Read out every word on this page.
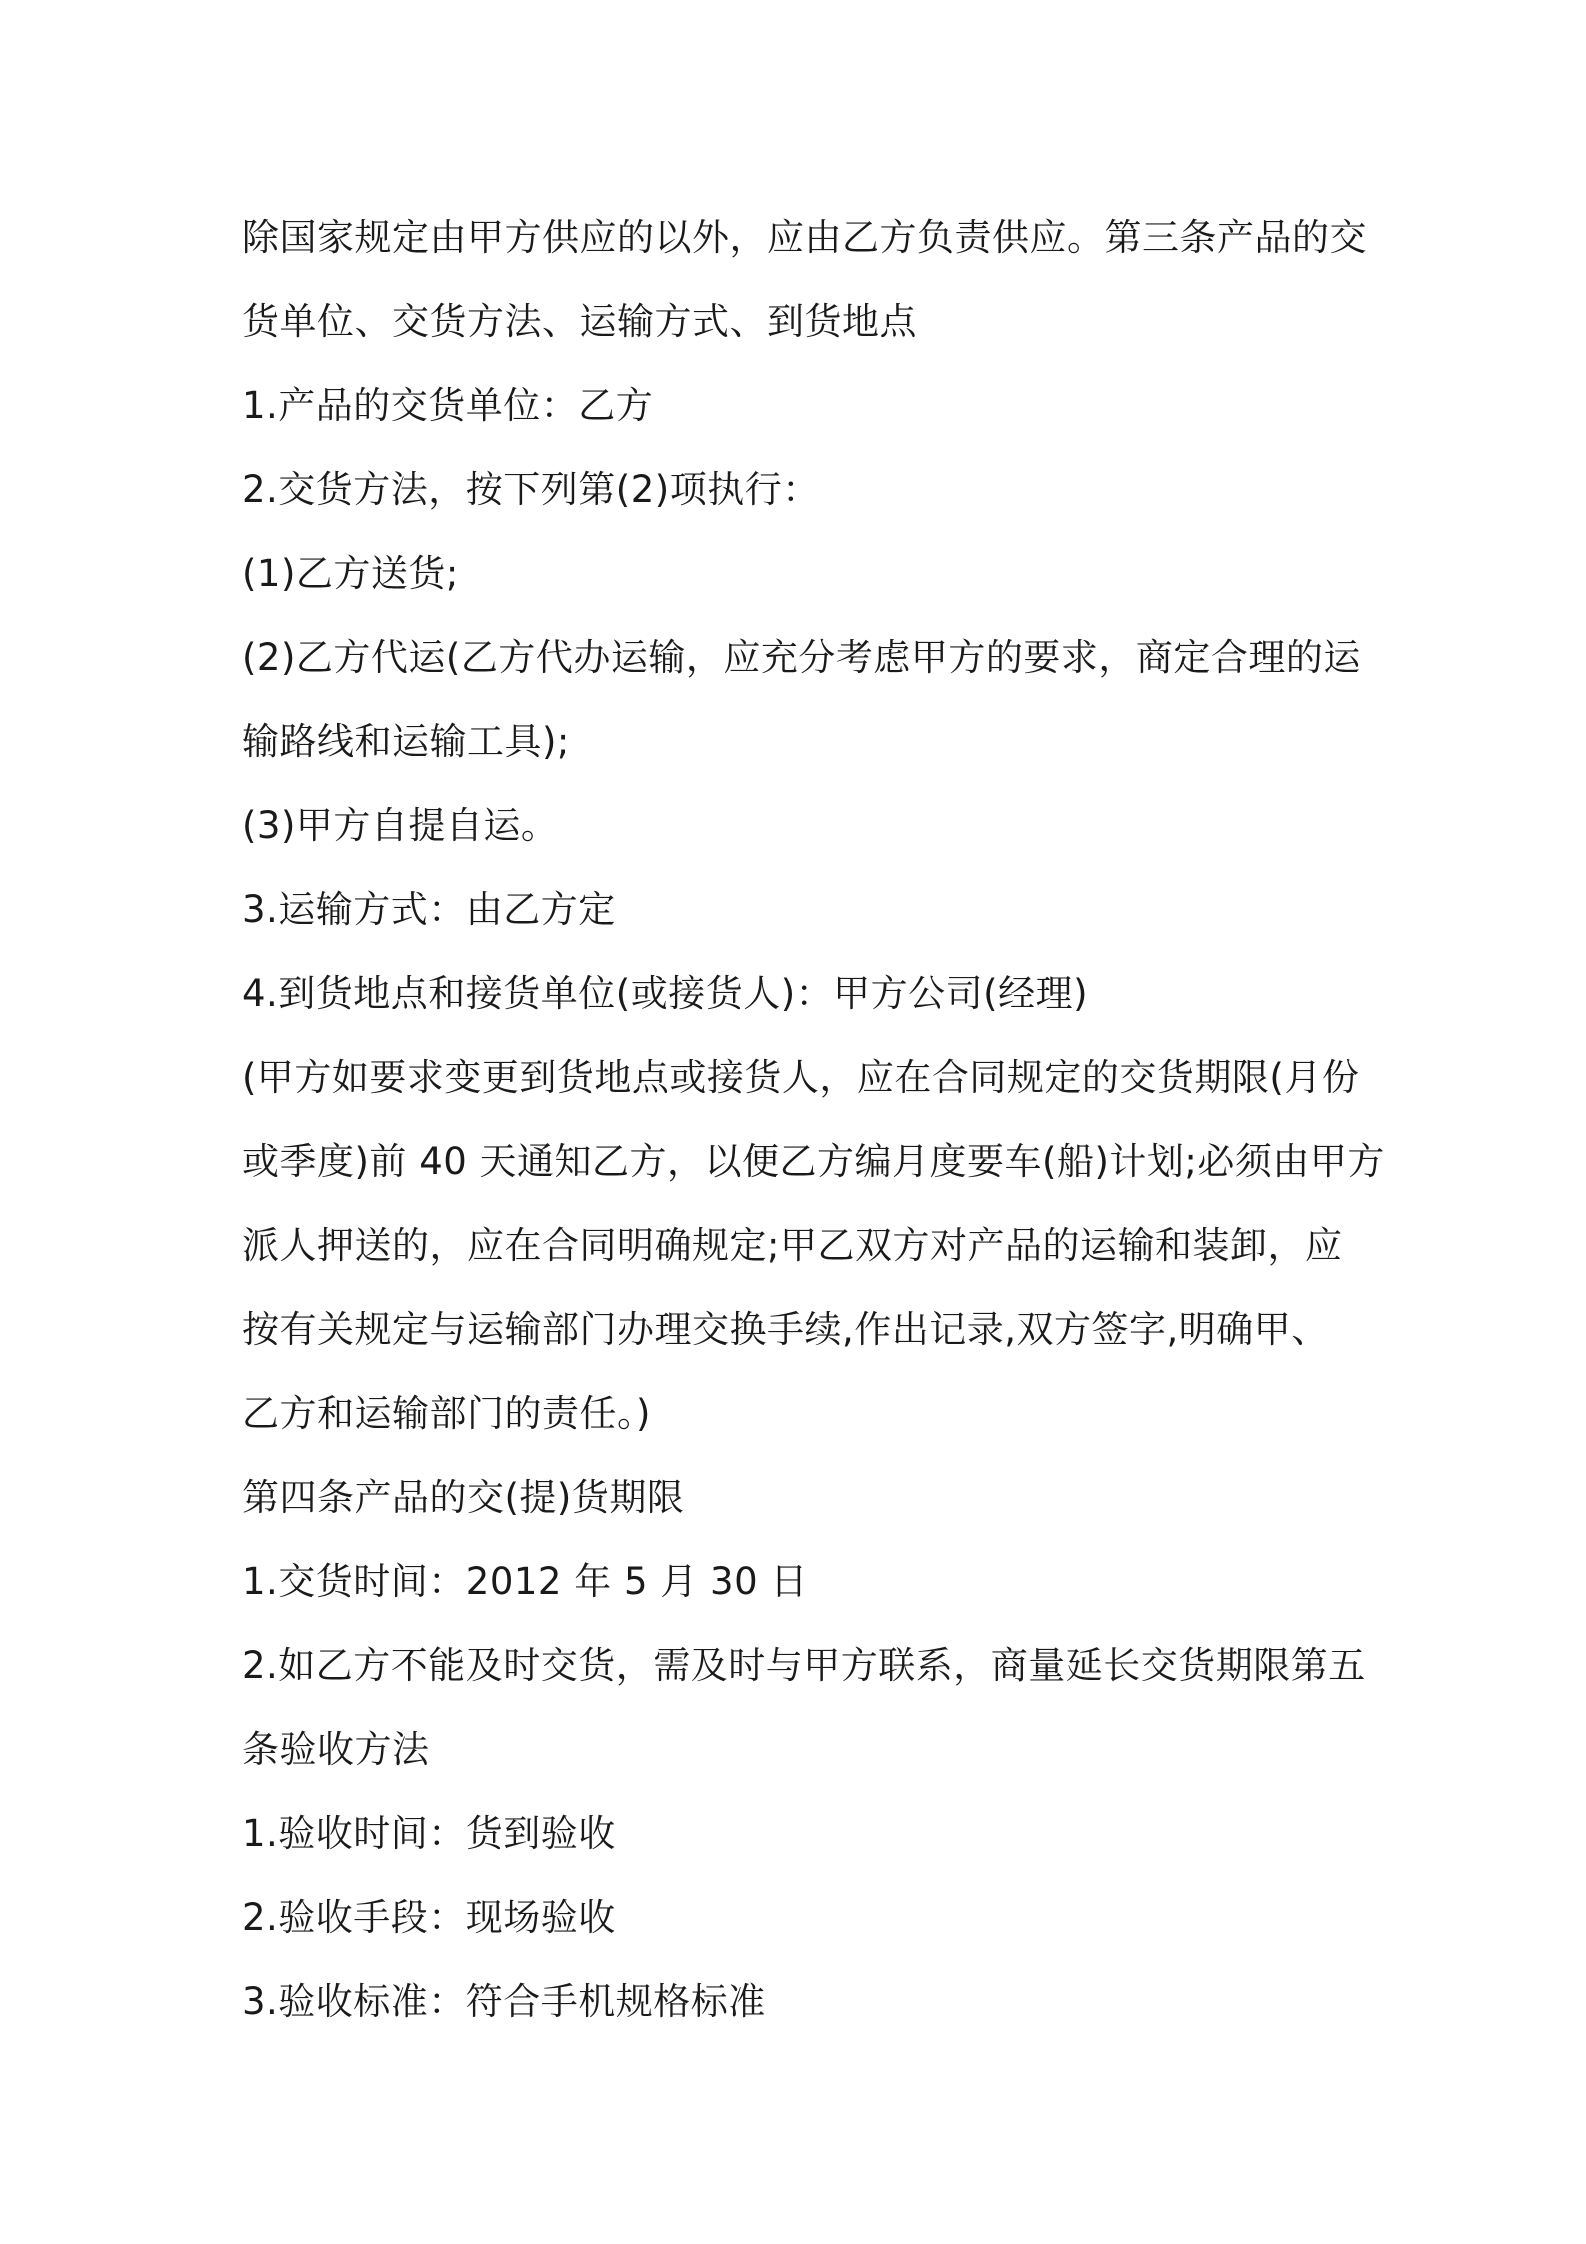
除国家规定由甲方供应的以外，应由乙方负责供应。第三条产品的交
货单位、交货方法、运输方式、到货地点
1.产品的交货单位：乙方
2.交货方法，按下列第(2)项执行：
(1)乙方送货;
(2)乙方代运(乙方代办运输，应充分考虑甲方的要求，商定合理的运
输路线和运输工具);
(3)甲方自提自运。
3.运输方式：由乙方定
4.到货地点和接货单位(或接货人)：甲方公司(经理)
(甲方如要求变更到货地点或接货人，应在合同规定的交货期限(月份
或季度)前 40 天通知乙方，以便乙方编月度要车(船)计划;必须由甲方
派人押送的，应在合同明确规定;甲乙双方对产品的运输和装卸，应
按有关规定与运输部门办理交换手续,作出记录,双方签字,明确甲、
乙方和运输部门的责任。)
第四条产品的交(提)货期限
1.交货时间：2012 年 5 月 30 日
2.如乙方不能及时交货，需及时与甲方联系，商量延长交货期限第五
条验收方法
1.验收时间：货到验收
2.验收手段：现场验收
3.验收标准：符合手机规格标准
